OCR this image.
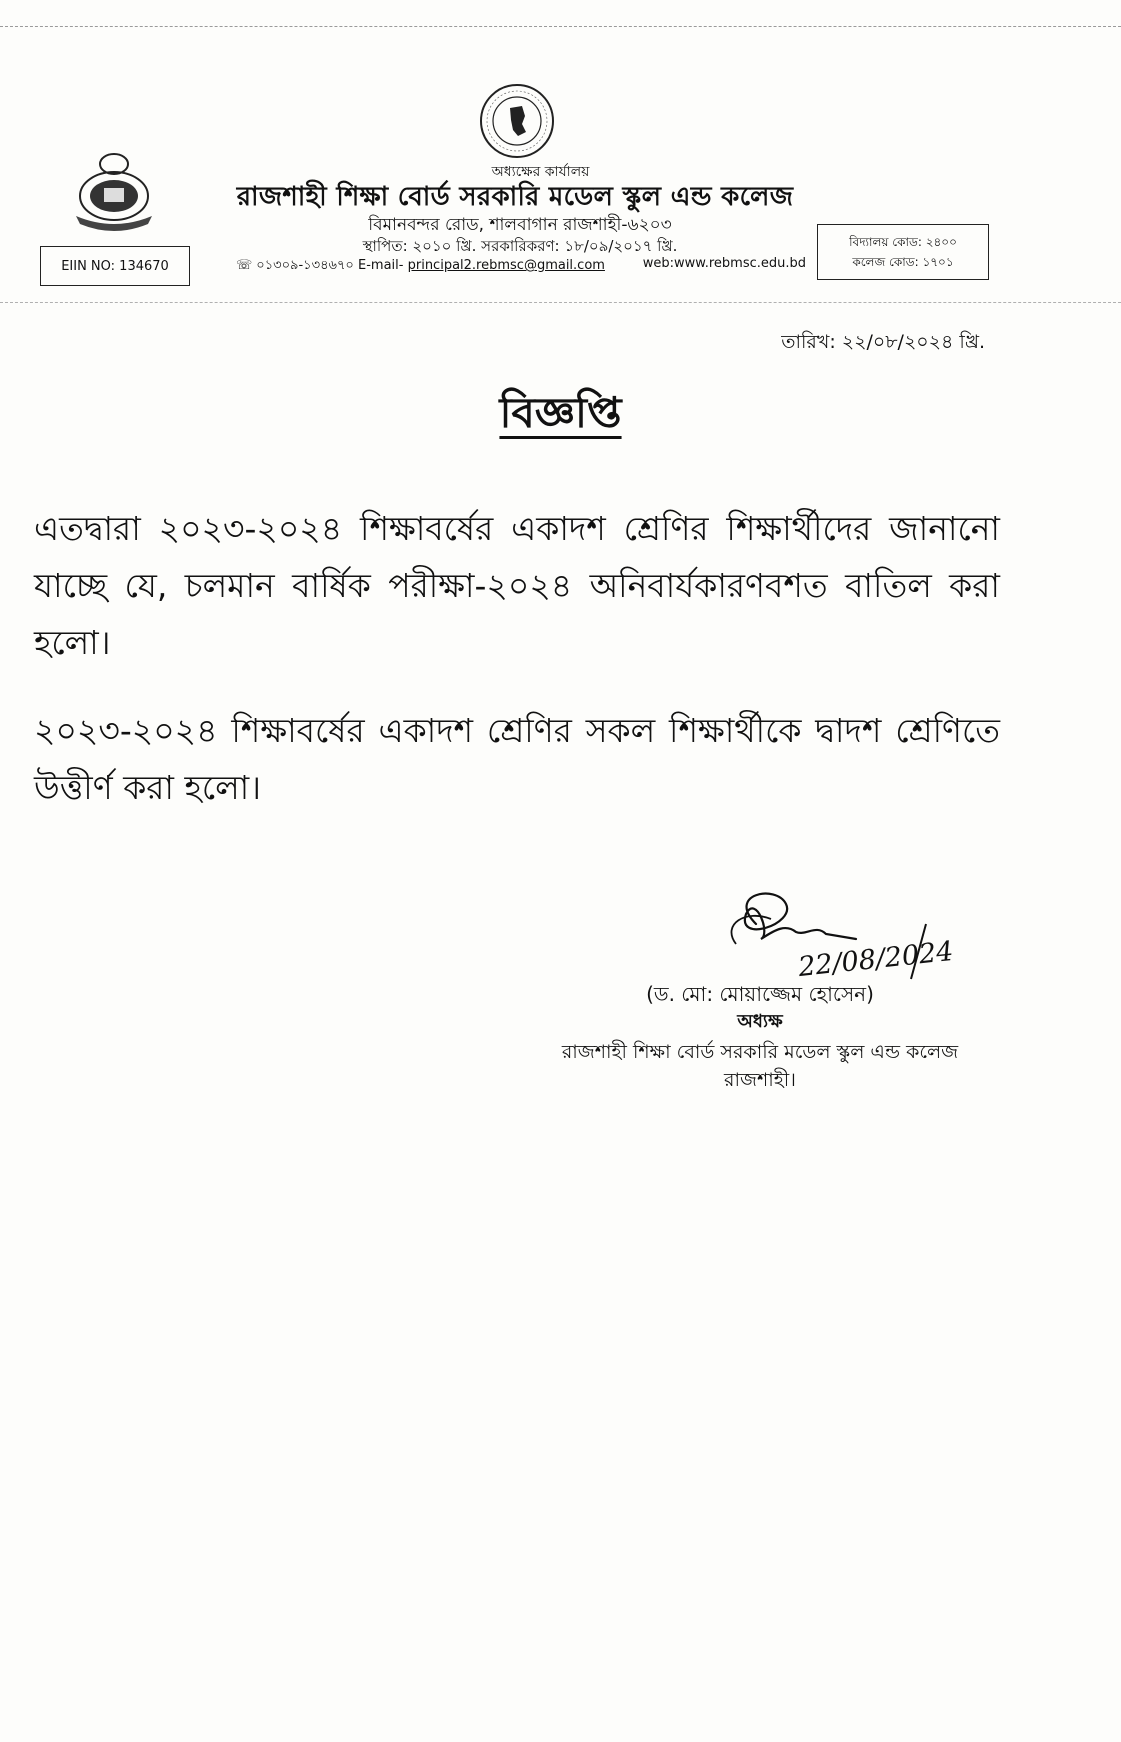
অধ্যক্ষের কার্যালয়
রাজশাহী শিক্ষা বোর্ড সরকারি মডেল স্কুল এন্ড কলেজ
বিমানবন্দর রোড, শালবাগান রাজশাহী-৬২০৩
স্থাপিত: ২০১০ খ্রি. সরকারিকরণ: ১৮/০৯/২০১৭ খ্রি.
☏ ০১৩০৯-১৩৪৬৭০ E-mail- principal2.rebmsc@gmail.com	web:www.rebmsc.edu.bd
EIIN NO: 134670
বিদ্যালয় কোড: ২৪০০
কলেজ কোড: ১৭০১
তারিখ: ২২/০৮/২০২৪ খ্রি.
বিজ্ঞপ্তি
এতদ্বারা ২০২৩-২০২৪ শিক্ষাবর্ষের একাদশ শ্রেণির শিক্ষার্থীদের জানানো যাচ্ছে যে, চলমান বার্ষিক পরীক্ষা-২০২৪ অনিবার্যকারণবশত বাতিল করা হলো।
২০২৩-২০২৪ শিক্ষাবর্ষের একাদশ শ্রেণির সকল শিক্ষার্থীকে দ্বাদশ শ্রেণিতে উত্তীর্ণ করা হলো।
22/08/2024
(ড. মো: মোয়াজ্জেম হোসেন)
অধ্যক্ষ
রাজশাহী শিক্ষা বোর্ড সরকারি মডেল স্কুল এন্ড কলেজ
রাজশাহী।
